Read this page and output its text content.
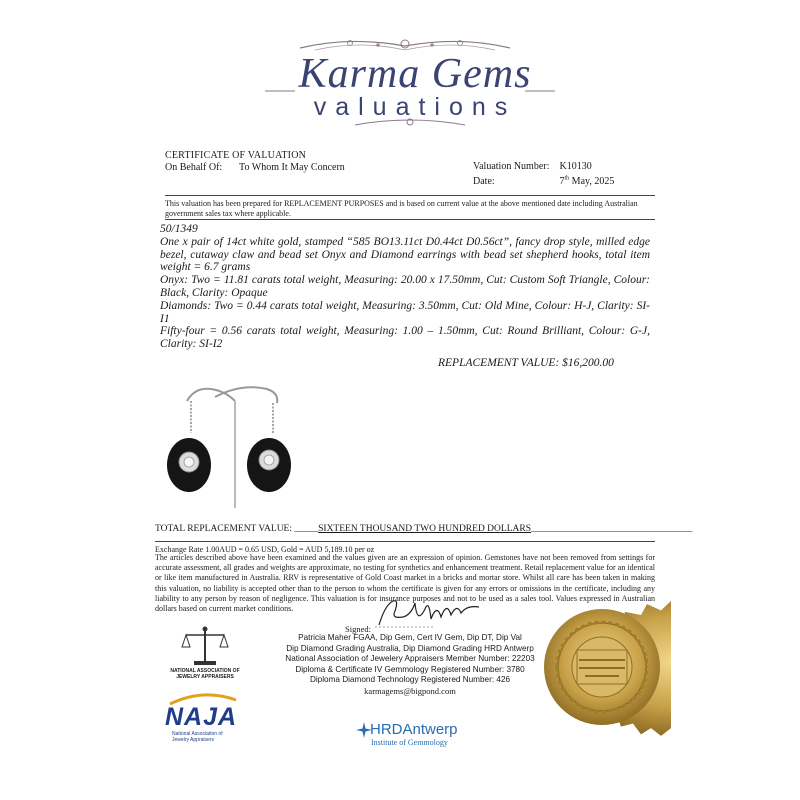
Karma Gems
valuations
CERTIFICATE OF VALUATION
On Behalf Of: To Whom It May Concern	Valuation Number: K10130
Date:	7th May, 2025
This valuation has been prepared for REPLACEMENT PURPOSES and is based on current value at the above mentioned date including Australian government sales tax where applicable.

50/1349

One x pair of 14ct white gold, stamped “585 BO13.11ct D0.44ct D0.56ct”, fancy drop style, milled edge bezel, cutaway claw and bead set Onyx and Diamond earrings with bead set shepherd hooks, total item weight = 6.7 grams

Onyx: Two = 11.81 carats total weight, Measuring: 20.00 x 17.50mm, Cut: Custom Soft Triangle, Colour: Black, Clarity: Opaque

Diamonds: Two = 0.44 carats total weight, Measuring: 3.50mm, Cut: Old Mine, Colour: H-J, Clarity: SI-I1

Fifty-four = 0.56 carats total weight, Measuring: 1.00 – 1.50mm, Cut: Round Brilliant, Colour: G-J, Clarity: SI-I2

REPLACEMENT VALUE: $16,200.00
TOTAL REPLACEMENT VALUE: _____SIXTEEN THOUSAND TWO HUNDRED DOLLARS__________________________________
Exchange Rate 1.00AUD = 0.65 USD, Gold = AUD 5,189.10 per oz
The articles described above have been examined and the values given are an expression of opinion. Gemstones have not been removed from settings for accurate assessment, all grades and weights are approximate, no testing for synthetics and enhancement treatment. Retail replacement value for an identical or like item manufactured in Australia. RRV is representative of Gold Coast market in a bricks and mortar store. Whilst all care has been taken in making this valuation, no liability is accepted other than to the person to whom the certificate is given for any errors or omissions in the certificate, including any liability to any person by reason of negligence. This valuation is for insurance purposes and not to be used as a sales tool. Values expressed in Australian dollars based on current market conditions.
Signed:
Patricia Maher FGAA, Dip Gem, Cert IV Gem, Dip DT, Dip Val
Dip Diamond Grading Australia, Dip Diamond Grading HRD Antwerp
National Association of Jewelery Appraisers Member Number: 22203
Diploma & Certificate IV Gemmology Registered Number: 3780
Diploma Diamond Technology Registered Number: 426
karmagems@bigpond.com
NATIONAL ASSOCIATION OF JEWELRY APPRAISERS
NAJA
National Association of Jewelry Appraisers
HRDAntwerp
Institute of Gemmology
